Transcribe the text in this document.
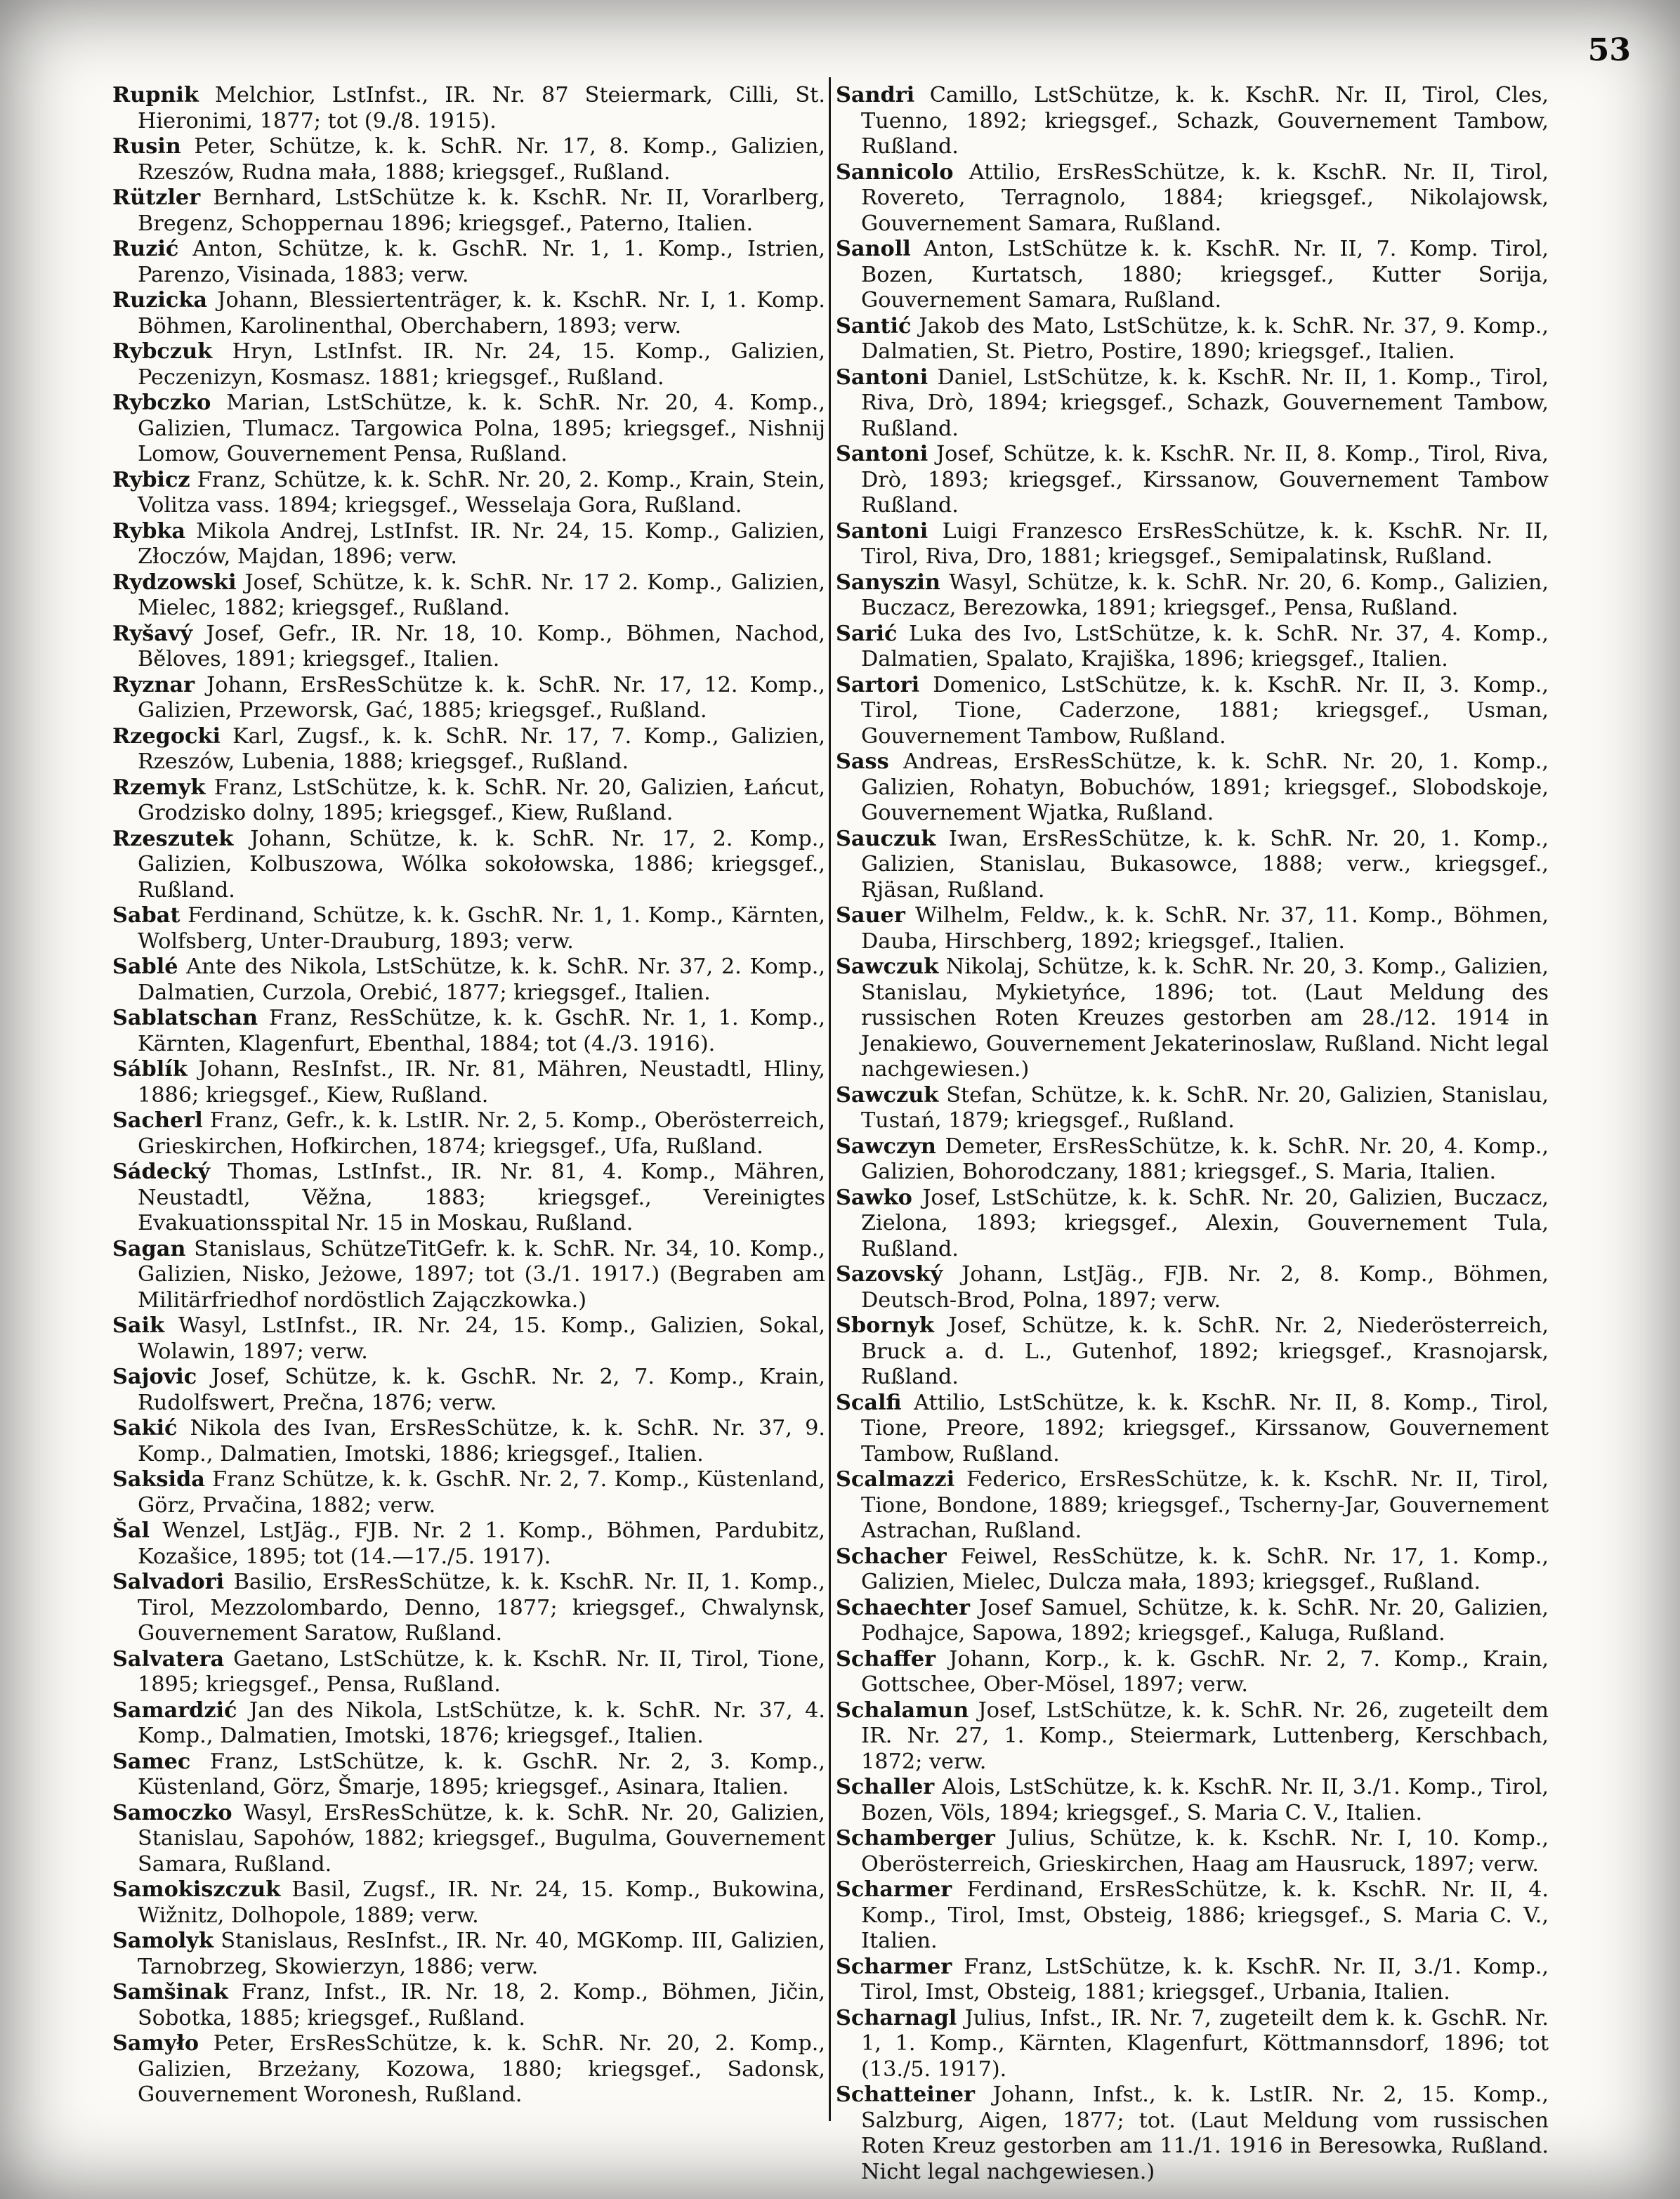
53
Rupnik Melchior, LstInfst., IR. Nr. 87 Steiermark, Cilli, St. Hieronimi, 1877; tot (9./8. 1915).
Rusin Peter, Schütze, k. k. SchR. Nr. 17, 8. Komp., Galizien, Rzeszów, Rudna mała, 1888; kriegsgef., Rußland.
Rützler Bernhard, LstSchütze k. k. KschR. Nr. II, Vorarlberg, Bregenz, Schoppernau 1896; kriegsgef., Paterno, Italien.
Ruzić Anton, Schütze, k. k. GschR. Nr. 1, 1. Komp., Istrien, Parenzo, Visinada, 1883; verw.
Ruzicka Johann, Blessiertenträger, k. k. KschR. Nr. I, 1. Komp. Böhmen, Karolinenthal, Oberchabern, 1893; verw.
Rybczuk Hryn, LstInfst. IR. Nr. 24, 15. Komp., Galizien, Peczenizyn, Kosmasz. 1881; kriegsgef., Rußland.
Rybczko Marian, LstSchütze, k. k. SchR. Nr. 20, 4. Komp., Galizien, Tlumacz. Targowica Polna, 1895; kriegsgef., Nishnij Lomow, Gouvernement Pensa, Rußland.
Rybicz Franz, Schütze, k. k. SchR. Nr. 20, 2. Komp., Krain, Stein, Volitza vass. 1894; kriegsgef., Wesselaja Gora, Rußland.
Rybka Mikola Andrej, LstInfst. IR. Nr. 24, 15. Komp., Galizien, Złoczów, Majdan, 1896; verw.
Rydzowski Josef, Schütze, k. k. SchR. Nr. 17 2. Komp., Galizien, Mielec, 1882; kriegsgef., Rußland.
Ryšavý Josef, Gefr., IR. Nr. 18, 10. Komp., Böhmen, Nachod, Běloves, 1891; kriegsgef., Italien.
Ryznar Johann, ErsResSchütze k. k. SchR. Nr. 17, 12. Komp., Galizien, Przeworsk, Gać, 1885; kriegsgef., Rußland.
Rzegocki Karl, Zugsf., k. k. SchR. Nr. 17, 7. Komp., Galizien, Rzeszów, Lubenia, 1888; kriegsgef., Rußland.
Rzemyk Franz, LstSchütze, k. k. SchR. Nr. 20, Galizien, Łańcut, Grodzisko dolny, 1895; kriegsgef., Kiew, Rußland.
Rzeszutek Johann, Schütze, k. k. SchR. Nr. 17, 2. Komp., Galizien, Kolbuszowa, Wólka sokołowska, 1886; kriegsgef., Rußland.
Sabat Ferdinand, Schütze, k. k. GschR. Nr. 1, 1. Komp., Kärnten, Wolfsberg, Unter-Drauburg, 1893; verw.
Sablé Ante des Nikola, LstSchütze, k. k. SchR. Nr. 37, 2. Komp., Dalmatien, Curzola, Orebić, 1877; kriegsgef., Italien.
Sablatschan Franz, ResSchütze, k. k. GschR. Nr. 1, 1. Komp., Kärnten, Klagenfurt, Ebenthal, 1884; tot (4./3. 1916).
Sáblík Johann, ResInfst., IR. Nr. 81, Mähren, Neustadtl, Hliny, 1886; kriegsgef., Kiew, Rußland.
Sacherl Franz, Gefr., k. k. LstIR. Nr. 2, 5. Komp., Oberösterreich, Grieskirchen, Hofkirchen, 1874; kriegsgef., Ufa, Rußland.
Sádecký Thomas, LstInfst., IR. Nr. 81, 4. Komp., Mähren, Neustadtl, Věžna, 1883; kriegsgef., Vereinigtes Evakuationsspital Nr. 15 in Moskau, Rußland.
Sagan Stanislaus, SchützeTitGefr. k. k. SchR. Nr. 34, 10. Komp., Galizien, Nisko, Jeżowe, 1897; tot (3./1. 1917.) (Begraben am Militärfriedhof nordöstlich Zajączkowka.)
Saik Wasyl, LstInfst., IR. Nr. 24, 15. Komp., Galizien, Sokal, Wolawin, 1897; verw.
Sajovic Josef, Schütze, k. k. GschR. Nr. 2, 7. Komp., Krain, Rudolfswert, Prečna, 1876; verw.
Sakić Nikola des Ivan, ErsResSchütze, k. k. SchR. Nr. 37, 9. Komp., Dalmatien, Imotski, 1886; kriegsgef., Italien.
Saksida Franz Schütze, k. k. GschR. Nr. 2, 7. Komp., Küstenland, Görz, Prvačina, 1882; verw.
Šal Wenzel, LstJäg., FJB. Nr. 2 1. Komp., Böhmen, Pardubitz, Kozašice, 1895; tot (14.—17./5. 1917).
Salvadori Basilio, ErsResSchütze, k. k. KschR. Nr. II, 1. Komp., Tirol, Mezzolombardo, Denno, 1877; kriegsgef., Chwalynsk, Gouvernement Saratow, Rußland.
Salvatera Gaetano, LstSchütze, k. k. KschR. Nr. II, Tirol, Tione, 1895; kriegsgef., Pensa, Rußland.
Samardzić Jan des Nikola, LstSchütze, k. k. SchR. Nr. 37, 4. Komp., Dalmatien, Imotski, 1876; kriegsgef., Italien.
Samec Franz, LstSchütze, k. k. GschR. Nr. 2, 3. Komp., Küstenland, Görz, Šmarje, 1895; kriegsgef., Asinara, Italien.
Samoczko Wasyl, ErsResSchütze, k. k. SchR. Nr. 20, Galizien, Stanislau, Sapohów, 1882; kriegsgef., Bugulma, Gouvernement Samara, Rußland.
Samokiszczuk Basil, Zugsf., IR. Nr. 24, 15. Komp., Bukowina, Wižnitz, Dolhopole, 1889; verw.
Samolyk Stanislaus, ResInfst., IR. Nr. 40, MGKomp. III, Galizien, Tarnobrzeg, Skowierzyn, 1886; verw.
Samšinak Franz, Infst., IR. Nr. 18, 2. Komp., Böhmen, Jičin, Sobotka, 1885; kriegsgef., Rußland.
Samyło Peter, ErsResSchütze, k. k. SchR. Nr. 20, 2. Komp., Galizien, Brzeżany, Kozowa, 1880; kriegsgef., Sadonsk, Gouvernement Woronesh, Rußland.
Sandri Camillo, LstSchütze, k. k. KschR. Nr. II, Tirol, Cles, Tuenno, 1892; kriegsgef., Schazk, Gouvernement Tambow, Rußland.
Sannicolo Attilio, ErsResSchütze, k. k. KschR. Nr. II, Tirol, Rovereto, Terragnolo, 1884; kriegsgef., Nikolajowsk, Gouvernement Samara, Rußland.
Sanoll Anton, LstSchütze k. k. KschR. Nr. II, 7. Komp. Tirol, Bozen, Kurtatsch, 1880; kriegsgef., Kutter Sorija, Gouvernement Samara, Rußland.
Santić Jakob des Mato, LstSchütze, k. k. SchR. Nr. 37, 9. Komp., Dalmatien, St. Pietro, Postire, 1890; kriegsgef., Italien.
Santoni Daniel, LstSchütze, k. k. KschR. Nr. II, 1. Komp., Tirol, Riva, Drò, 1894; kriegsgef., Schazk, Gouvernement Tambow, Rußland.
Santoni Josef, Schütze, k. k. KschR. Nr. II, 8. Komp., Tirol, Riva, Drò, 1893; kriegsgef., Kirssanow, Gouvernement Tambow Rußland.
Santoni Luigi Franzesco ErsResSchütze, k. k. KschR. Nr. II, Tirol, Riva, Dro, 1881; kriegsgef., Semipalatinsk, Rußland.
Sanyszin Wasyl, Schütze, k. k. SchR. Nr. 20, 6. Komp., Galizien, Buczacz, Berezowka, 1891; kriegsgef., Pensa, Rußland.
Sarić Luka des Ivo, LstSchütze, k. k. SchR. Nr. 37, 4. Komp., Dalmatien, Spalato, Krajiška, 1896; kriegsgef., Italien.
Sartori Domenico, LstSchütze, k. k. KschR. Nr. II, 3. Komp., Tirol, Tione, Caderzone, 1881; kriegsgef., Usman, Gouvernement Tambow, Rußland.
Sass Andreas, ErsResSchütze, k. k. SchR. Nr. 20, 1. Komp., Galizien, Rohatyn, Bobuchów, 1891; kriegsgef., Slobodskoje, Gouvernement Wjatka, Rußland.
Sauczuk Iwan, ErsResSchütze, k. k. SchR. Nr. 20, 1. Komp., Galizien, Stanislau, Bukasowce, 1888; verw., kriegsgef., Rjäsan, Rußland.
Sauer Wilhelm, Feldw., k. k. SchR. Nr. 37, 11. Komp., Böhmen, Dauba, Hirschberg, 1892; kriegsgef., Italien.
Sawczuk Nikolaj, Schütze, k. k. SchR. Nr. 20, 3. Komp., Galizien, Stanislau, Mykietyńce, 1896; tot. (Laut Meldung des russischen Roten Kreuzes gestorben am 28./12. 1914 in Jenakiewo, Gouvernement Jekaterinoslaw, Rußland. Nicht legal nachgewiesen.)
Sawczuk Stefan, Schütze, k. k. SchR. Nr. 20, Galizien, Stanislau, Tustań, 1879; kriegsgef., Rußland.
Sawczyn Demeter, ErsResSchütze, k. k. SchR. Nr. 20, 4. Komp., Galizien, Bohorodczany, 1881; kriegsgef., S. Maria, Italien.
Sawko Josef, LstSchütze, k. k. SchR. Nr. 20, Galizien, Buczacz, Zielona, 1893; kriegsgef., Alexin, Gouvernement Tula, Rußland.
Sazovský Johann, LstJäg., FJB. Nr. 2, 8. Komp., Böhmen, Deutsch-Brod, Polna, 1897; verw.
Sbornyk Josef, Schütze, k. k. SchR. Nr. 2, Niederösterreich, Bruck a. d. L., Gutenhof, 1892; kriegsgef., Krasnojarsk, Rußland.
Scalfi Attilio, LstSchütze, k. k. KschR. Nr. II, 8. Komp., Tirol, Tione, Preore, 1892; kriegsgef., Kirssanow, Gouvernement Tambow, Rußland.
Scalmazzi Federico, ErsResSchütze, k. k. KschR. Nr. II, Tirol, Tione, Bondone, 1889; kriegsgef., Tscherny-Jar, Gouvernement Astrachan, Rußland.
Schacher Feiwel, ResSchütze, k. k. SchR. Nr. 17, 1. Komp., Galizien, Mielec, Dulcza mała, 1893; kriegsgef., Rußland.
Schaechter Josef Samuel, Schütze, k. k. SchR. Nr. 20, Galizien, Podhajce, Sapowa, 1892; kriegsgef., Kaluga, Rußland.
Schaffer Johann, Korp., k. k. GschR. Nr. 2, 7. Komp., Krain, Gottschee, Ober-Mösel, 1897; verw.
Schalamun Josef, LstSchütze, k. k. SchR. Nr. 26, zugeteilt dem IR. Nr. 27, 1. Komp., Steiermark, Luttenberg, Kerschbach, 1872; verw.
Schaller Alois, LstSchütze, k. k. KschR. Nr. II, 3./1. Komp., Tirol, Bozen, Völs, 1894; kriegsgef., S. Maria C. V., Italien.
Schamberger Julius, Schütze, k. k. KschR. Nr. I, 10. Komp., Oberösterreich, Grieskirchen, Haag am Hausruck, 1897; verw.
Scharmer Ferdinand, ErsResSchütze, k. k. KschR. Nr. II, 4. Komp., Tirol, Imst, Obsteig, 1886; kriegsgef., S. Maria C. V., Italien.
Scharmer Franz, LstSchütze, k. k. KschR. Nr. II, 3./1. Komp., Tirol, Imst, Obsteig, 1881; kriegsgef., Urbania, Italien.
Scharnagl Julius, Infst., IR. Nr. 7, zugeteilt dem k. k. GschR. Nr. 1, 1. Komp., Kärnten, Klagenfurt, Köttmannsdorf, 1896; tot (13./5. 1917).
Schatteiner Johann, Infst., k. k. LstIR. Nr. 2, 15. Komp., Salzburg, Aigen, 1877; tot. (Laut Meldung vom russischen Roten Kreuz gestorben am 11./1. 1916 in Beresowka, Rußland. Nicht legal nachgewiesen.)
